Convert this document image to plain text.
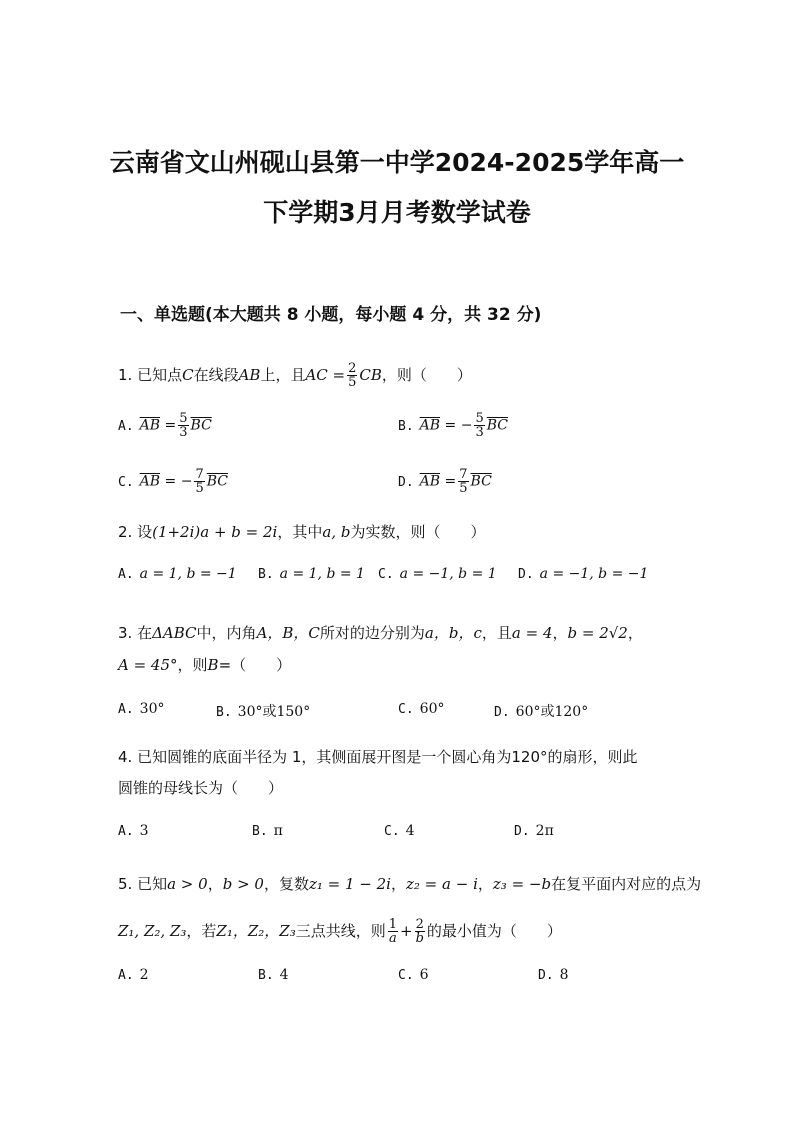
云南省文山州砚山县第一中学2024-2025学年高一
下学期3月月考数学试卷
一、单选题(本大题共 8 小题，每小题 4 分，共 32 分)
1. 已知点C在线段AB上，且AC = $\frac{2}{5}$ CB，则（　　）
A. $\overline{AB} = \frac{5}{3} \overline{BC}$	B. $\overline{AB}$ = − $\frac{5}{3} \overline{BC}$
C. $\overline{AB}$ = − $\frac{7}{5} \overline{BC}$	D. $\overline{AB} = \frac{7}{5} \overline{BC}$
2. 设(1+2i)a + b = 2i，其中a, b为实数，则（　　）
A. a = 1, b = −1 B. a = 1, b = 1 C. a = −1, b = 1 D. a = −1, b = −1
3. 在ΔABC中，内角A，B，C所对的边分别为a，b，c，且a = 4，b = 2√2，
A = 45°，则B=（　　）
A. 30°	B. 30°或150°	C. 60°	D. 60°或120°
4. 已知圆锥的底面半径为 1，其侧面展开图是一个圆心角为120°的扇形，则此
圆锥的母线长为（　　）
A. 3	B. π	C. 4	D. 2π
5. 已知a > 0，b > 0，复数z₁ = 1 − 2i，z₂ = a − i，z₃ = −b在复平面内对应的点为
Z₁, Z₂, Z₃，若Z₁，Z₂，Z₃三点共线，则 $\frac{1}{a} + \frac{2}{b}$ 的最小值为（　　）
A. 2	B. 4	C. 6	D. 8
